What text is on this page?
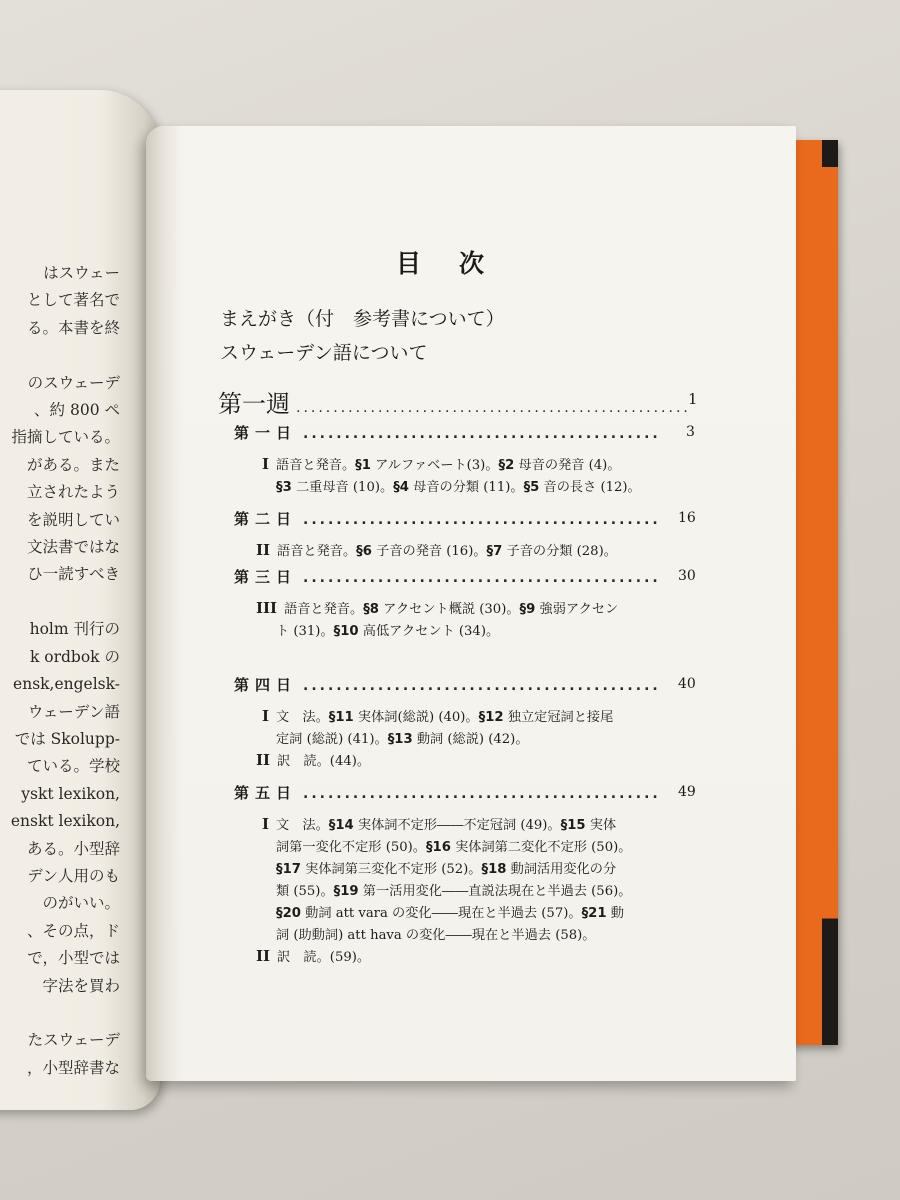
はスウェー
として著名で
る。本書を終

のスウェーデ
、約 800 ペ
指摘している。
がある。また
立されたよう
を説明してい
文法書ではな
ひ一読すべき

holm 刊行の
k ordbok の
ensk,engelsk-
ウェーデン語
では Skolupp-
ている。学校
yskt lexikon,
enskt lexikon,
ある。小型辞
デン人用のも
のがいい。
、その点，ド
で，小型では
字法を買わ

たスウェーデ
，小型辞書な
目次
まえがき（付　参考書について）
スウェーデン語について
第一週 .....	1
第一日 .....	3
I 語音と発音。§1 アルファベート(3)。§2 母音の発音 (4)。
§3 二重母音 (10)。§4 母音の分類 (11)。§5 音の長さ (12)。
第二日 .....	16
II 語音と発音。§6 子音の発音 (16)。§7 子音の分類 (28)。
第三日 .....	30
III 語音と発音。§8 アクセント概説 (30)。§9 強弱アクセン
ト (31)。§10 高低アクセント (34)。
第四日 .....	40
I 文　法。§11 実体詞(総説) (40)。§12 独立定冠詞と接尾
定詞 (総説) (41)。§13 動詞 (総説) (42)。
II 訳　読。(44)。
第五日 .....	49
I 文　法。§14 実体詞不定形――不定冠詞 (49)。§15 実体
詞第一変化不定形 (50)。§16 実体詞第二変化不定形 (50)。
§17 実体詞第三変化不定形 (52)。§18 動詞活用変化の分
類 (55)。§19 第一活用変化――直説法現在と半過去 (56)。
§20 動詞 att vara の変化――現在と半過去 (57)。§21 動
詞 (助動詞) att hava の変化――現在と半過去 (58)。
II 訳　読。(59)。
